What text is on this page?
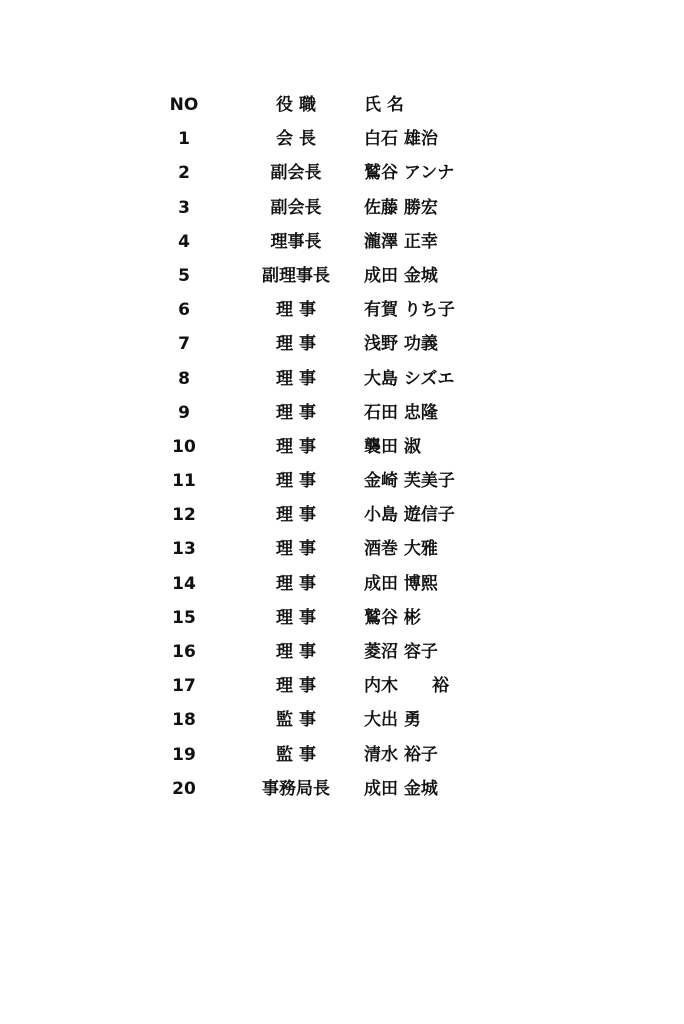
NO	役 職	氏 名
1	会 長	白石 雄治
2	副会長	鷲谷 アンナ
3	副会長	佐藤 勝宏
4	理事長	瀧澤 正幸
5	副理事長	成田 金城
6	理 事	有賀 りち子
7	理 事	浅野 功義
8	理 事	大島 シズエ
9	理 事	石田 忠隆
10	理 事	襲田 淑
11	理 事	金崎 芙美子
12	理 事	小島 遊信子
13	理 事	酒巻 大雅
14	理 事	成田 博熙
15	理 事	鷲谷 彬
16	理 事	菱沼 容子
17	理 事	内木　　裕
18	監 事	大出 勇
19	監 事	清水 裕子
20	事務局長	成田 金城
